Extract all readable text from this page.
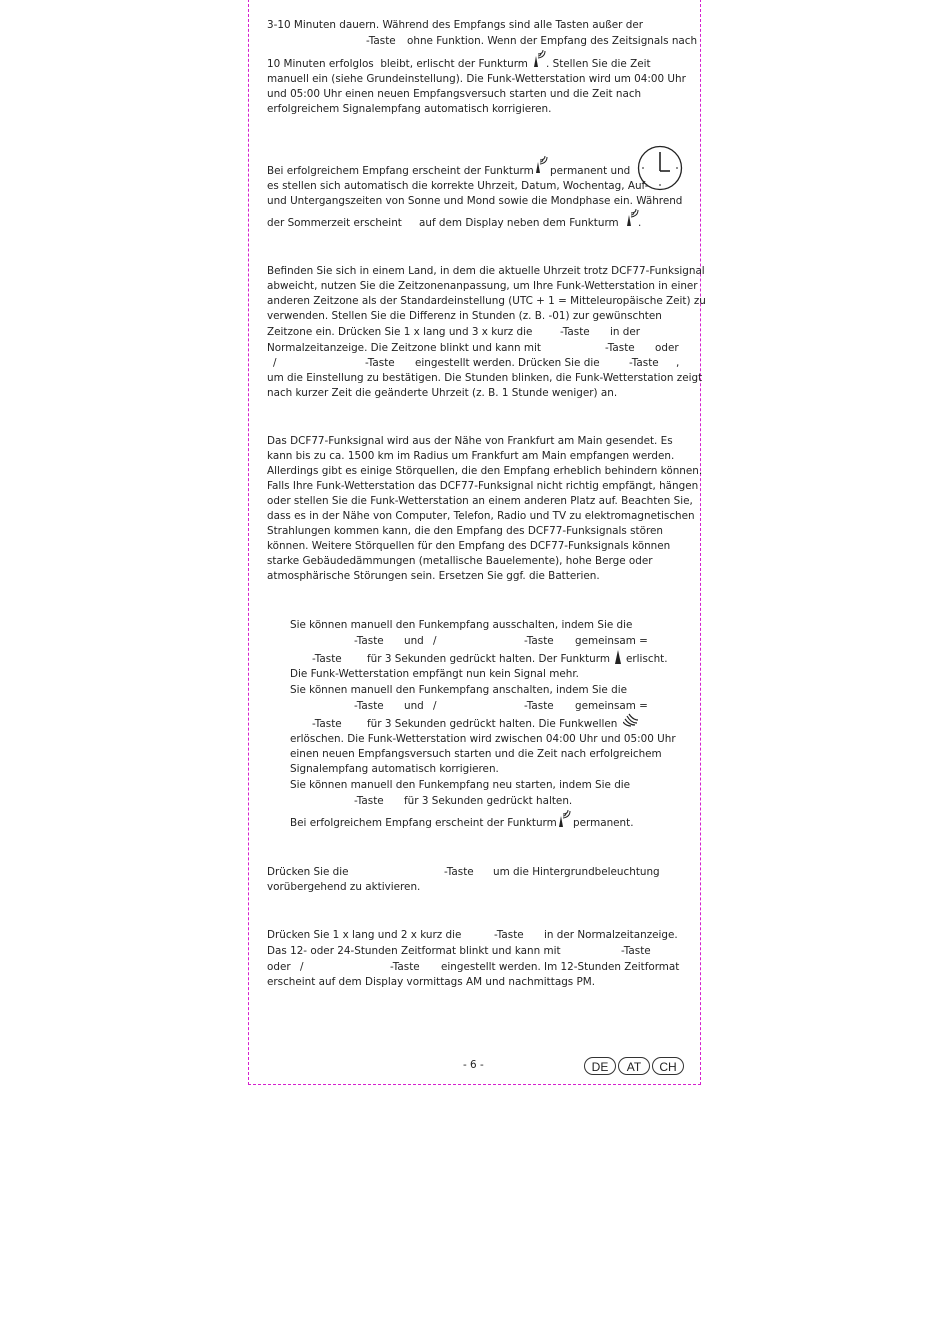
3-10 Minuten dauern. Während des Empfangs sind alle Tasten außer der
-Taste ohne Funktion. Wenn der Empfang des Zeitsignals nach
10 Minuten erfolglos  bleibt, erlischt der Funkturm . Stellen Sie die Zeit
manuell ein (siehe Grundeinstellung). Die Funk-Wetterstation wird um 04:00 Uhr
und 05:00 Uhr einen neuen Empfangsversuch starten und die Zeit nach
erfolgreichem Signalempfang automatisch korrigieren.
Bei erfolgreichem Empfang erscheint der Funkturm permanent und
es stellen sich automatisch die korrekte Uhrzeit, Datum, Wochentag, Auf-
und Untergangszeiten von Sonne und Mond sowie die Mondphase ein. Während
der Sommerzeit erscheint auf dem Display neben dem Funkturm .
Befinden Sie sich in einem Land, in dem die aktuelle Uhrzeit trotz DCF77-Funksignal
abweicht, nutzen Sie die Zeitzonenanpassung, um Ihre Funk-Wetterstation in einer
anderen Zeitzone als der Standardeinstellung (UTC + 1 = Mitteleuropäische Zeit) zu
verwenden. Stellen Sie die Differenz in Stunden (z. B. -01) zur gewünschten
Zeitzone ein. Drücken Sie 1 x lang und 3 x kurz die	-Taste in der
Normalzeitanzeige. Die Zeitzone blinkt und kann mit	-Taste oder
/	-Taste eingestellt werden. Drücken Sie die	-Taste ,
um die Einstellung zu bestätigen. Die Stunden blinken, die Funk-Wetterstation zeigt
nach kurzer Zeit die geänderte Uhrzeit (z. B. 1 Stunde weniger) an.
Das DCF77-Funksignal wird aus der Nähe von Frankfurt am Main gesendet. Es
kann bis zu ca. 1500 km im Radius um Frankfurt am Main empfangen werden.
Allerdings gibt es einige Störquellen, die den Empfang erheblich behindern können.
Falls Ihre Funk-Wetterstation das DCF77-Funksignal nicht richtig empfängt, hängen
oder stellen Sie die Funk-Wetterstation an einem anderen Platz auf. Beachten Sie,
dass es in der Nähe von Computer, Telefon, Radio und TV zu elektromagnetischen
Strahlungen kommen kann, die den Empfang des DCF77-Funksignals stören
können. Weitere Störquellen für den Empfang des DCF77-Funksignals können
starke Gebäudedämmungen (metallische Bauelemente), hohe Berge oder
atmosphärische Störungen sein. Ersetzen Sie ggf. die Batterien.
Sie können manuell den Funkempfang ausschalten, indem Sie die
-Taste und /	-Taste gemeinsam =
-Taste für 3 Sekunden gedrückt halten. Der Funkturm erlischt.
Die Funk-Wetterstation empfängt nun kein Signal mehr.
Sie können manuell den Funkempfang anschalten, indem Sie die
-Taste und /	-Taste gemeinsam =
-Taste für 3 Sekunden gedrückt halten. Die Funkwellen
erlöschen. Die Funk-Wetterstation wird zwischen 04:00 Uhr und 05:00 Uhr
einen neuen Empfangsversuch starten und die Zeit nach erfolgreichem
Signalempfang automatisch korrigieren.
Sie können manuell den Funkempfang neu starten, indem Sie die
-Taste für 3 Sekunden gedrückt halten.
Bei erfolgreichem Empfang erscheint der Funkturm permanent.
Drücken Sie die	-Taste um die Hintergrundbeleuchtung
vorübergehend zu aktivieren.
Drücken Sie 1 x lang und 2 x kurz die	-Taste in der Normalzeitanzeige.
Das 12- oder 24-Stunden Zeitformat blinkt und kann mit	-Taste
oder /	-Taste eingestellt werden. Im 12-Stunden Zeitformat
erscheint auf dem Display vormittags AM und nachmittags PM.
- 6 -	DE	AT	CH
